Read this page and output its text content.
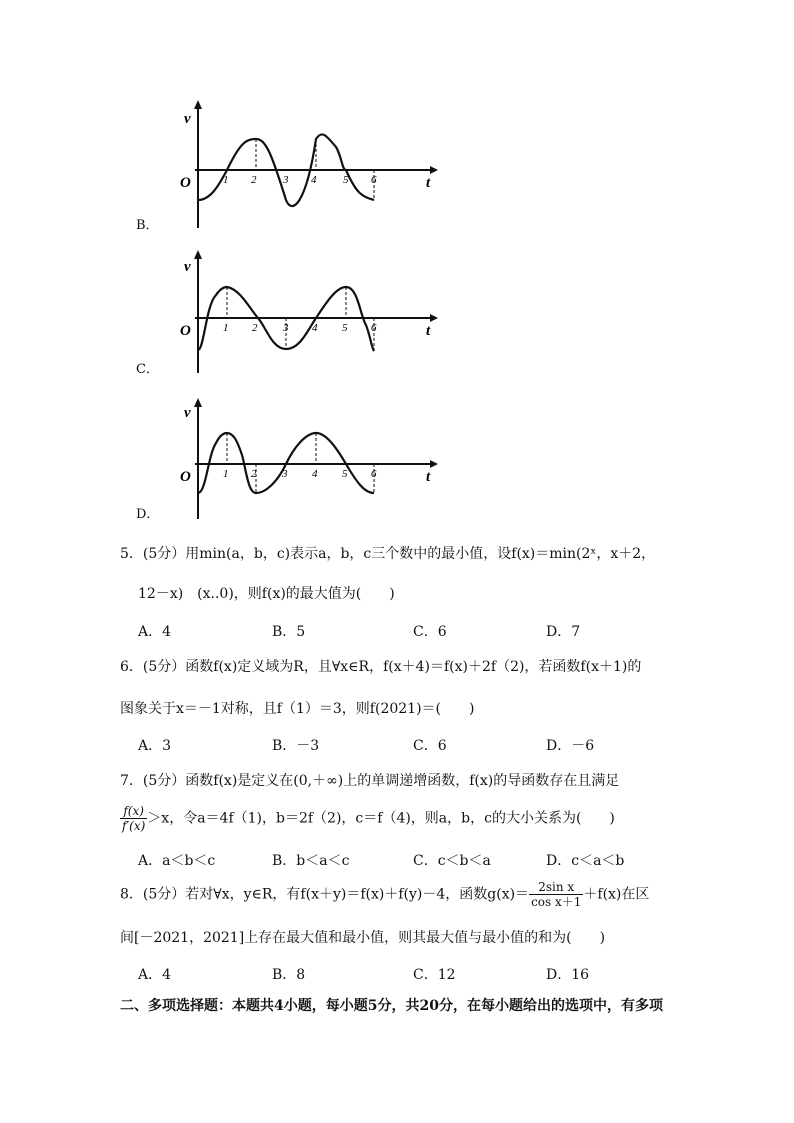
B．
v
t
O	1 2 3 4 5 6
C．
v
t
O	1 2 3 4 5 6
D．
v
t
O	1 2 3 4 5 6
5．(5分）用min(a，b，c)表示a，b，c三个数中的最小值，设f(x)＝min(2ˣ，x＋2，
12－x)　(x..0)，则f(x)的最大值为(　　)
A．4	B．5	C．6	D．7
6．(5分）函数f(x)定义域为R，且∀x∈R，f(x＋4)＝f(x)＋2f（2)，若函数f(x＋1)的
图象关于x＝－1对称，且f（1）＝3，则f(2021)＝(　　)
A．3	B．－3	C．6	D．－6
7．(5分）函数f(x)是定义在(0,＋∞)上的单调递增函数，f(x)的导函数存在且满足
$\frac{f(x)}{f'(x)} >x$，令a＝4f（1)，b＝2f（2)，c＝f（4)，则a，b，c的大小关系为(　　)
A．a＜b＜c	B．b＜a＜c	C．c＜b＜a	D．c＜a＜b
8．(5分）若对∀x，y∈R，有f(x＋y)＝f(x)＋f(y)－4，函数$g(x)= \frac{\text{2sin x}}{\text{cos x＋1}} +f(x)$在区
间[－2021，2021]上存在最大值和最小值，则其最大值与最小值的和为(　　)
A．4	B．8	C．12	D．16
二、多项选择题：本题共4小题，每小题5分，共20分，在每小题给出的选项中，有多项
